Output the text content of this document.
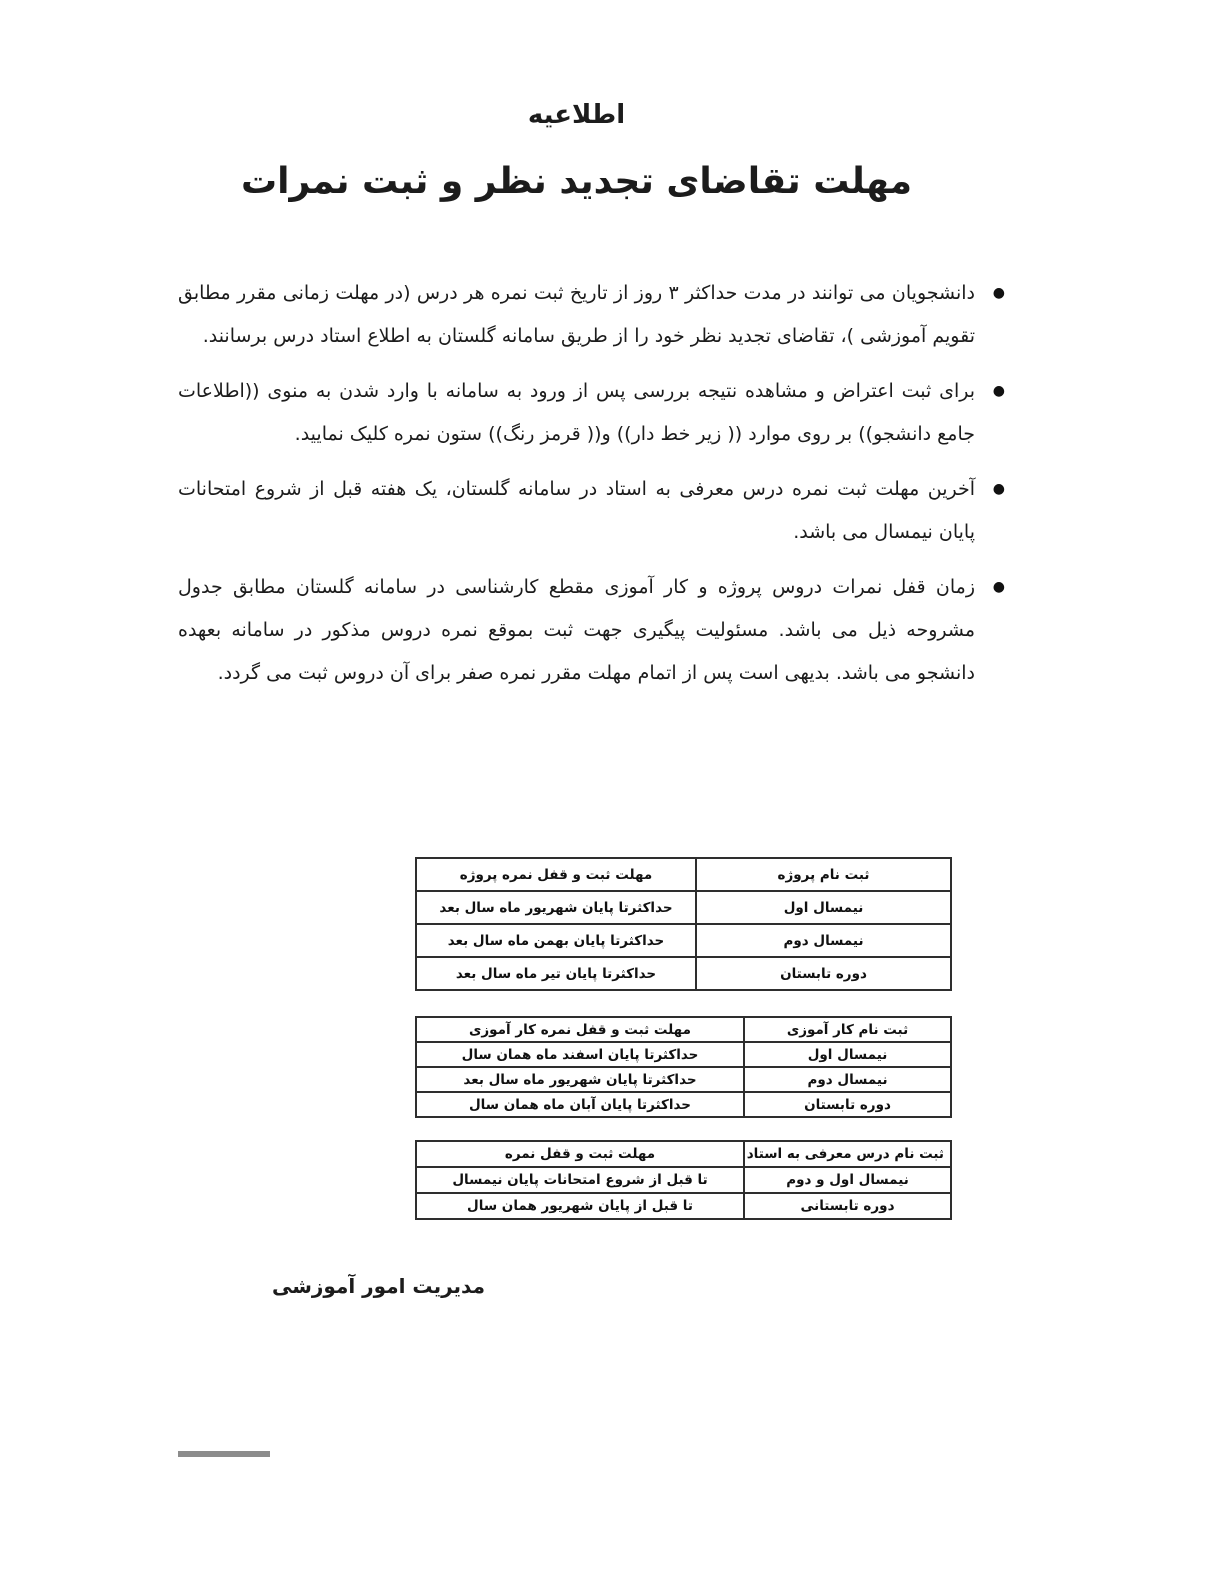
اطلاعیه
مهلت تقاضای تجدید نظر و ثبت نمرات
دانشجویان می توانند در مدت حداکثر ۳ روز از تاریخ ثبت نمره هر درس (در مهلت زمانی مقرر مطابق تقویم آموزشی )، تقاضای تجدید نظر خود را از طریق سامانه گلستان به اطلاع استاد درس برسانند.
برای ثبت اعتراض و مشاهده نتیجه بررسی پس از ورود به سامانه با وارد شدن به منوی ((اطلاعات جامع دانشجو)) بر روی موارد (( زیر خط دار)) و(( قرمز رنگ)) ستون نمره کلیک نمایید.
آخرین مهلت ثبت نمره درس معرفی به استاد در سامانه گلستان، یک هفته قبل از شروع امتحانات پایان نیمسال می باشد.
زمان قفل نمرات دروس پروژه و کار آموزی مقطع کارشناسی در سامانه گلستان مطابق جدول مشروحه ذیل می باشد. مسئولیت پیگیری جهت ثبت بموقع نمره دروس مذکور در سامانه بعهده دانشجو می باشد. بدیهی است پس از اتمام مهلت مقرر نمره صفر برای آن دروس ثبت می گردد.
ثبت نام پروژه	مهلت ثبت و قفل نمره پروژه
نیمسال اول	حداکثرتا پایان شهریور ماه سال بعد
نیمسال دوم	حداکثرتا پایان بهمن ماه سال بعد
دوره تابستان	حداکثرتا پایان تیر ماه سال بعد
ثبت نام کار آموزی	مهلت ثبت و قفل نمره کار آموزی
نیمسال اول	حداکثرتا پایان اسفند ماه همان سال
نیمسال دوم	حداکثرتا پایان شهریور ماه سال بعد
دوره تابستان	حداکثرتا پایان آبان ماه همان سال
ثبت نام درس معرفی به استاد	مهلت ثبت و قفل نمره
نیمسال اول و دوم	تا قبل از شروع امتحانات پایان نیمسال
دوره تابستانی	تا قبل از پایان شهریور همان سال
مدیریت امور آموزشی
